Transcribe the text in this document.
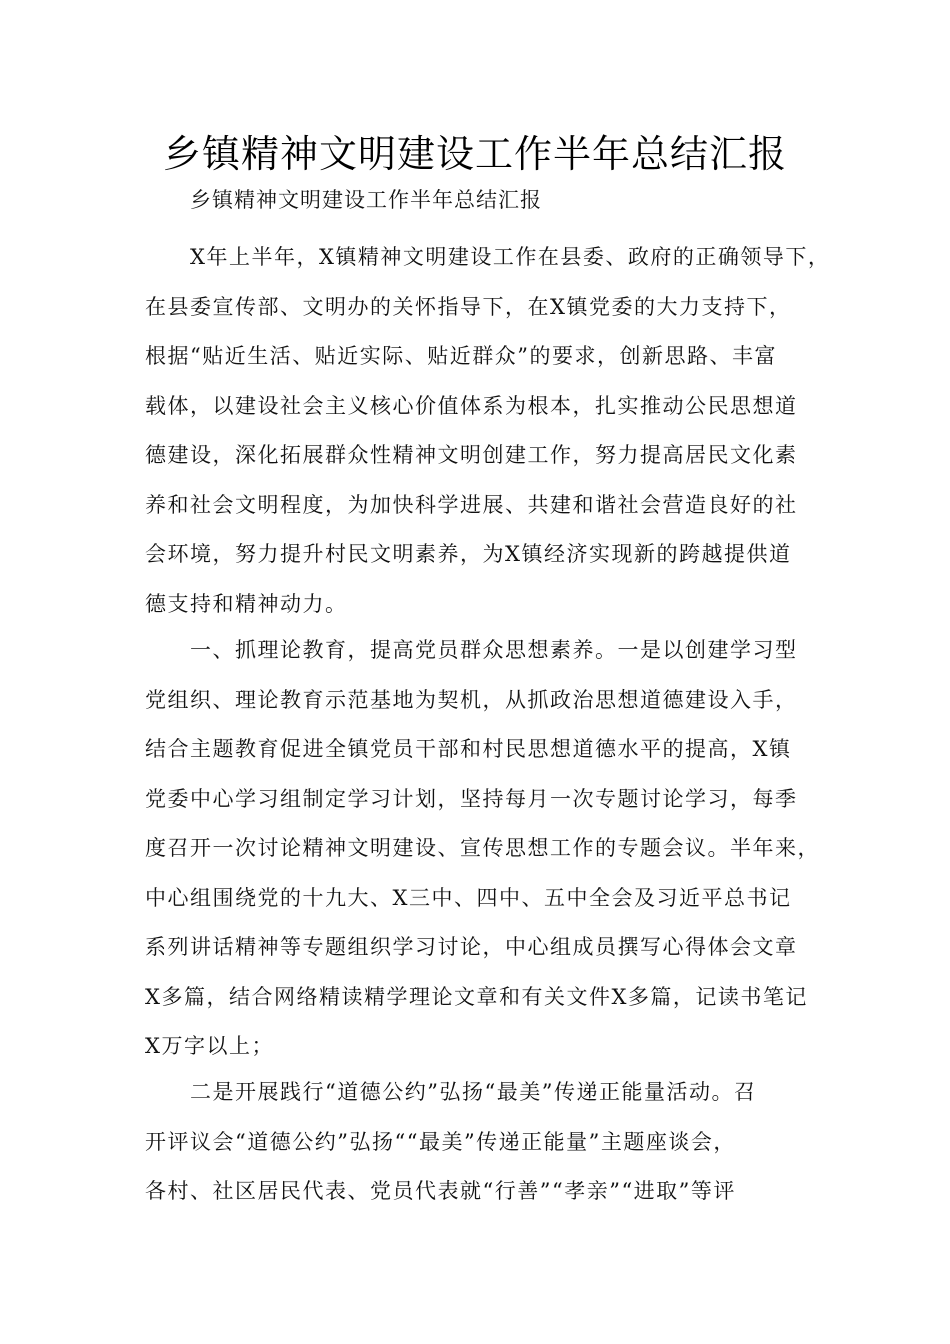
乡镇精神文明建设工作半年总结汇报

乡镇精神文明建设工作半年总结汇报

X年上半年，X镇精神文明建设工作在县委、政府的正确领导下，
在县委宣传部、文明办的关怀指导下，在X镇党委的大力支持下，
根据“贴近生活、贴近实际、贴近群众”的要求，创新思路、丰富
载体，以建设社会主义核心价值体系为根本，扎实推动公民思想道
德建设，深化拓展群众性精神文明创建工作，努力提高居民文化素
养和社会文明程度，为加快科学进展、共建和谐社会营造良好的社
会环境，努力提升村民文明素养，为X镇经济实现新的跨越提供道
德支持和精神动力。
一、抓理论教育，提高党员群众思想素养。一是以创建学习型
党组织、理论教育示范基地为契机，从抓政治思想道德建设入手，
结合主题教育促进全镇党员干部和村民思想道德水平的提高，X镇
党委中心学习组制定学习计划，坚持每月一次专题讨论学习，每季
度召开一次讨论精神文明建设、宣传思想工作的专题会议。半年来，
中心组围绕党的十九大、X三中、四中、五中全会及习近平总书记
系列讲话精神等专题组织学习讨论，中心组成员撰写心得体会文章
X多篇，结合网络精读精学理论文章和有关文件X多篇，记读书笔记
X万字以上；
二是开展践行“道德公约”弘扬“最美”传递正能量活动。召
开评议会“道德公约”弘扬““最美”传递正能量”主题座谈会，
各村、社区居民代表、党员代表就“行善”“孝亲”“进取”等评
